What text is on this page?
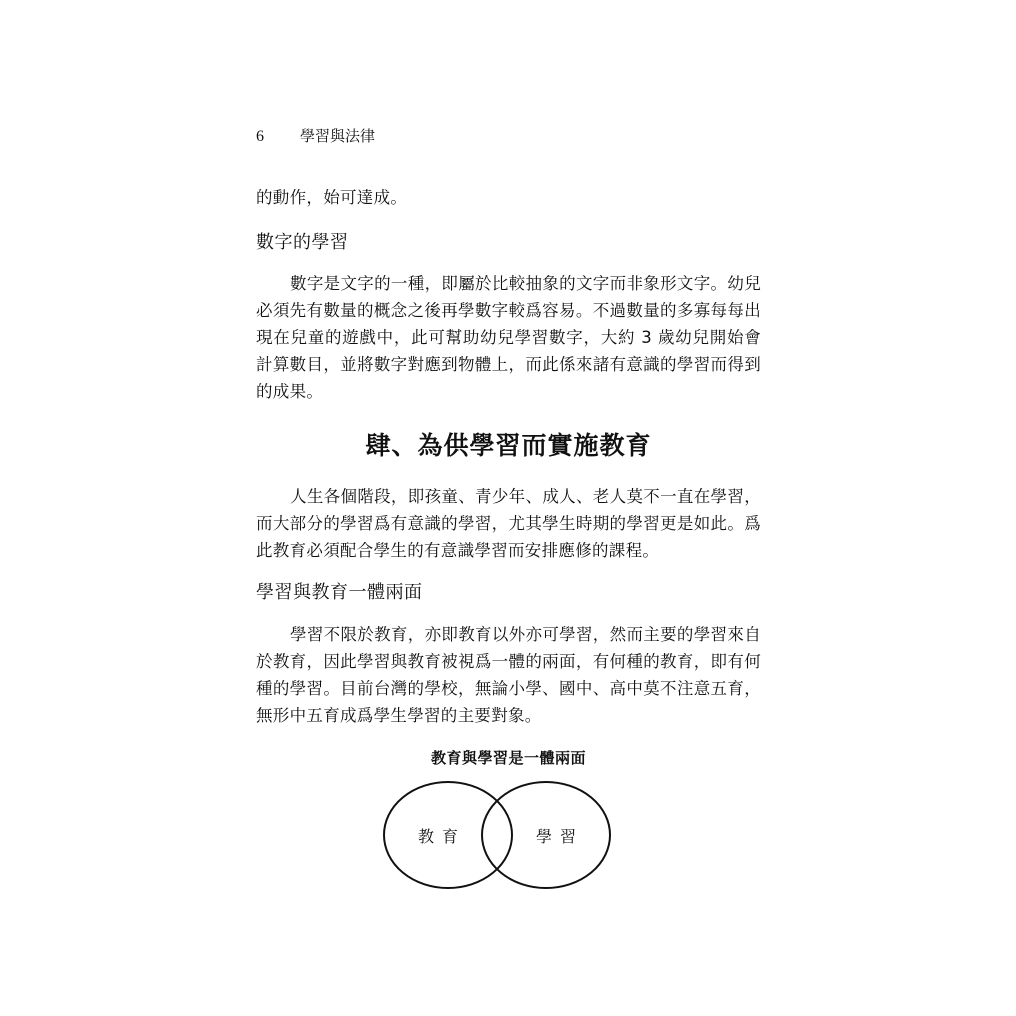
6 學習與法律

的動作，始可達成。

數字的學習

數字是文字的一種，即屬於比較抽象的文字而非象形文字。幼兒必須先有數量的概念之後再學數字較爲容易。不過數量的多寡每每出現在兒童的遊戲中，此可幫助幼兒學習數字，大約 3 歲幼兒開始會計算數目，並將數字對應到物體上，而此係來諸有意識的學習而得到的成果。

肆、為供學習而實施教育

人生各個階段，即孩童、青少年、成人、老人莫不一直在學習，而大部分的學習爲有意識的學習，尤其學生時期的學習更是如此。爲此教育必須配合學生的有意識學習而安排應修的課程。

學習與教育一體兩面

學習不限於教育，亦即教育以外亦可學習，然而主要的學習來自於教育，因此學習與教育被視爲一體的兩面，有何種的教育，即有何種的學習。目前台灣的學校，無論小學、國中、高中莫不注意五育，無形中五育成爲學生學習的主要對象。

教育與學習是一體兩面
教育	學習
